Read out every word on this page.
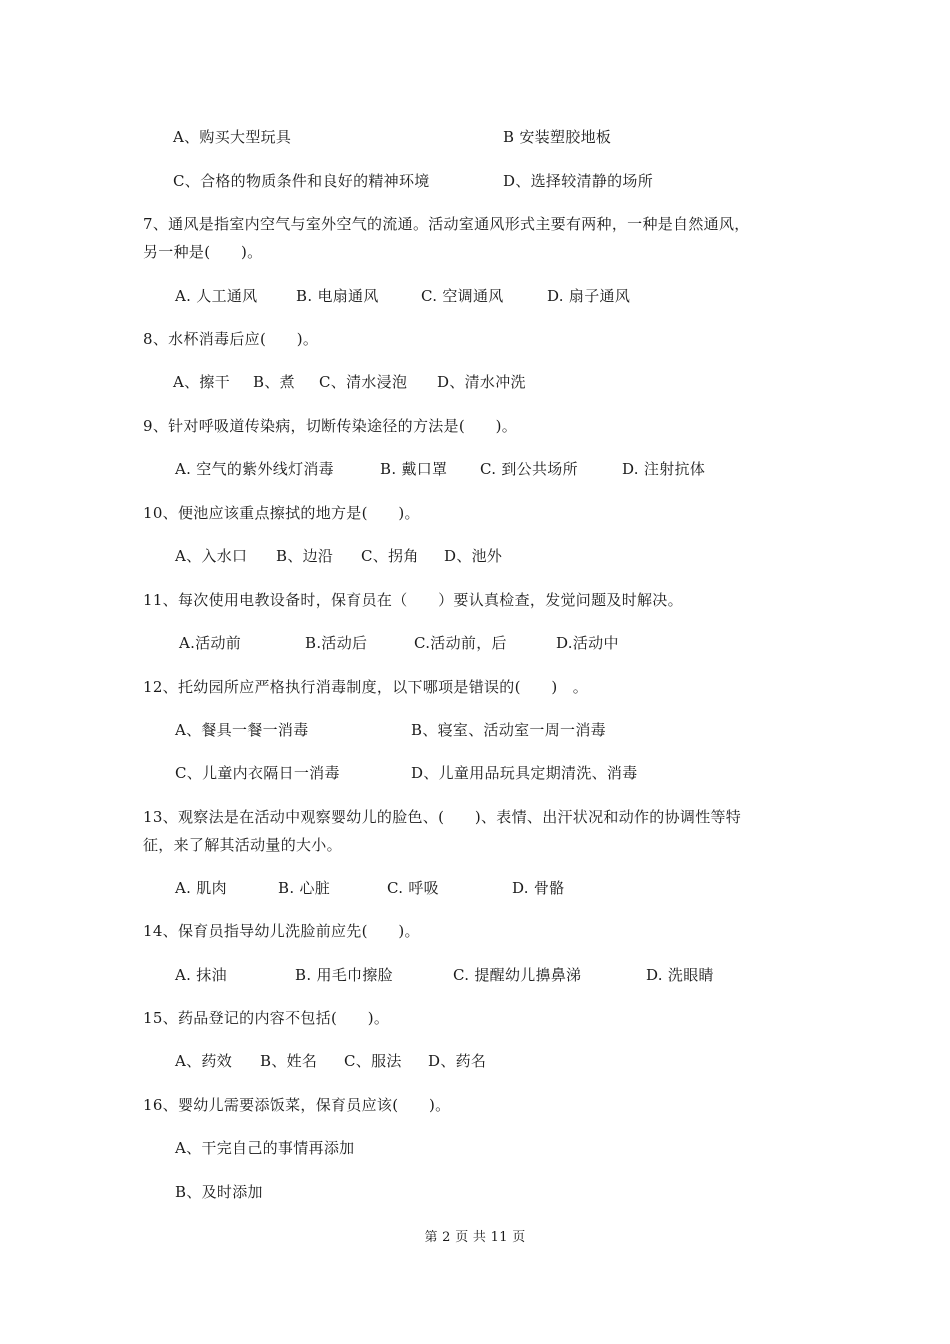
A、购买大型玩具	B 安装塑胶地板
C、合格的物质条件和良好的精神环境	D、选择较清静的场所
7、通风是指室内空气与室外空气的流通。活动室通风形式主要有两种，一种是自然通风，
另一种是(　　)。
A. 人工通风	B. 电扇通风	C. 空调通风	D. 扇子通风
8、水杯消毒后应(　　)。
A、擦干 B、煮 C、清水浸泡 D、清水冲洗
9、针对呼吸道传染病，切断传染途径的方法是(　　)。
A. 空气的紫外线灯消毒	B. 戴口罩 C. 到公共场所	D. 注射抗体
10、便池应该重点擦拭的地方是(　　)。
A、入水口 B、边沿 C、拐角 D、池外
11、每次使用电教设备时，保育员在（　　）要认真检查，发觉问题及时解决。
A.活动前	B.活动后	C.活动前，后	D.活动中
12、托幼园所应严格执行消毒制度，以下哪项是错误的(　　)　。
A、餐具一餐一消毒	B、寝室、活动室一周一消毒
C、儿童内衣隔日一消毒	D、儿童用品玩具定期清洗、消毒
13、观察法是在活动中观察婴幼儿的脸色、(　　)、表情、出汗状况和动作的协调性等特
征，来了解其活动量的大小。
A. 肌肉	B. 心脏	C. 呼吸	D. 骨骼
14、保育员指导幼儿洗脸前应先(　　)。
A. 抹油	B. 用毛巾擦脸	C. 提醒幼儿擤鼻涕	D. 洗眼睛
15、药品登记的内容不包括(　　)。
A、药效 B、姓名 C、服法 D、药名
16、婴幼儿需要添饭菜，保育员应该(　　)。
A、干完自己的事情再添加
B、及时添加
第 2 页 共 11 页
